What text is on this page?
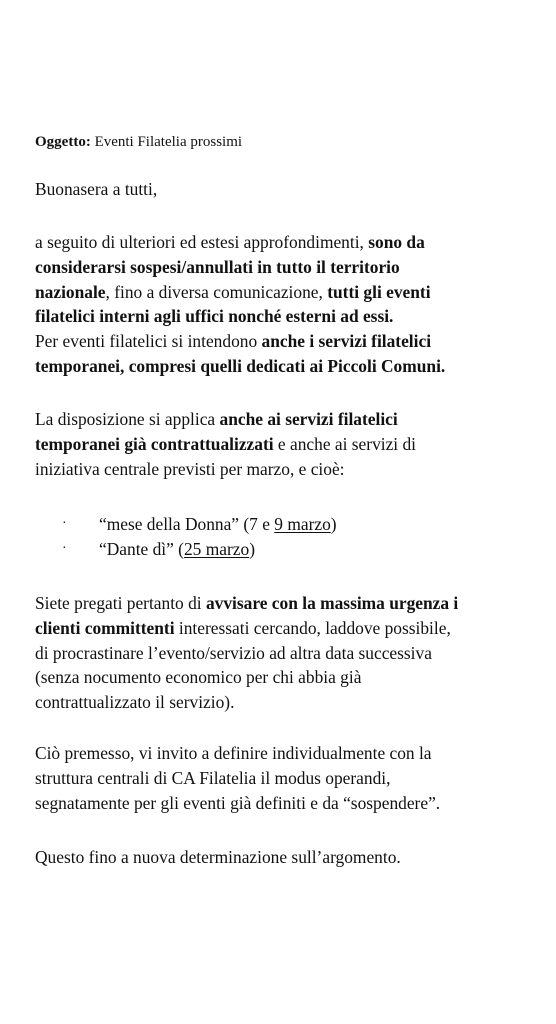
Oggetto: Eventi Filatelia prossimi
Buonasera a tutti,
a seguito di ulteriori ed estesi approfondimenti, sono da
considerarsi sospesi/annullati in tutto il territorio
nazionale, fino a diversa comunicazione, tutti gli eventi
filatelici interni agli uffici nonché esterni ad essi.
Per eventi filatelici si intendono anche i servizi filatelici
temporanei, compresi quelli dedicati ai Piccoli Comuni.
La disposizione si applica anche ai servizi filatelici
temporanei già contrattualizzati e anche ai servizi di
iniziativa centrale previsti per marzo, e cioè:
· “mese della Donna” (7 e 9 marzo)
· “Dante dì” (25 marzo)
Siete pregati pertanto di avvisare con la massima urgenza i
clienti committenti interessati cercando, laddove possibile,
di procrastinare l’evento/servizio ad altra data successiva
(senza nocumento economico per chi abbia già
contrattualizzato il servizio).
Ciò premesso, vi invito a definire individualmente con la
struttura centrali di CA Filatelia il modus operandi,
segnatamente per gli eventi già definiti e da “sospendere”.
Questo fino a nuova determinazione sull’argomento.
